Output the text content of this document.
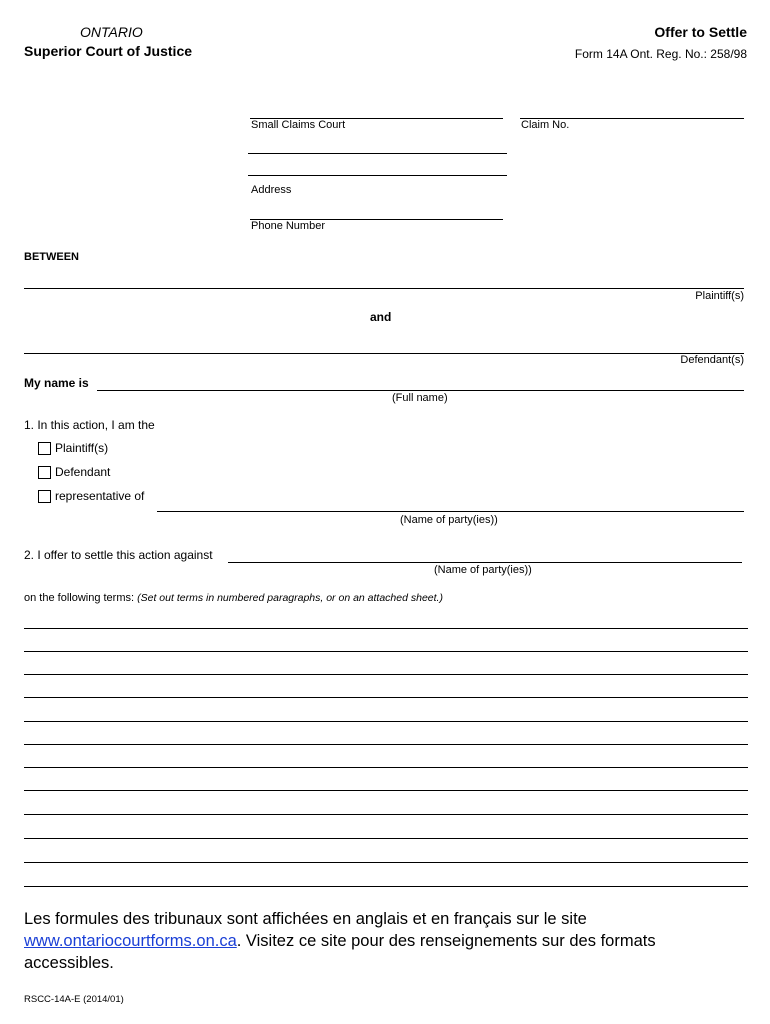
ONTARIO
Superior Court of Justice
Offer to Settle
Form 14A Ont. Reg. No.: 258/98
Small Claims Court	Claim No.
Address
Phone Number
BETWEEN
Plaintiff(s)
and
Defendant(s)
My name is
(Full name)
1. In this action, I am the
Plaintiff(s)
Defendant
representative of
(Name of party(ies))
2. I offer to settle this action against
(Name of party(ies))
on the following terms: (Set out terms in numbered paragraphs, or on an attached sheet.)
Les formules des tribunaux sont affichées en anglais et en français sur le site
www.ontariocourtforms.on.ca. Visitez ce site pour des renseignements sur des formats
accessibles.
RSCC-14A-E (2014/01)
